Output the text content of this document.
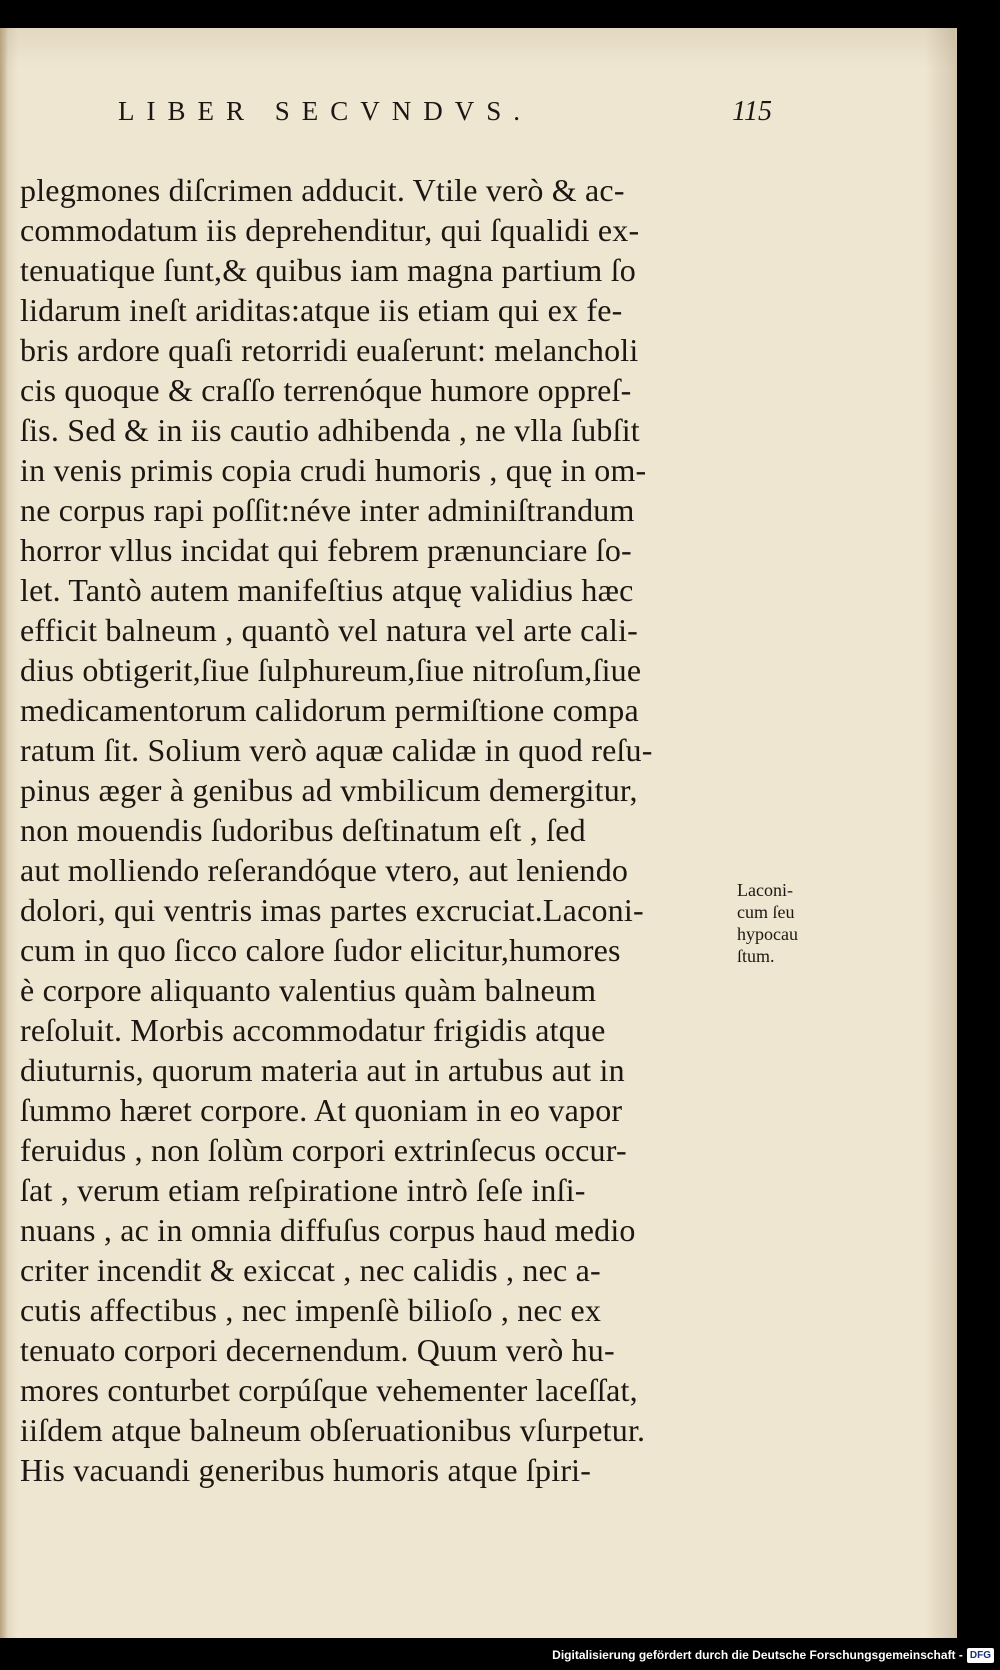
LIBER SECVNDVS.	115
plegmones diſcrimen adducit. Vtile verò & ac-
commodatum iis deprehenditur, qui ſqualidi ex-
tenuatique ſunt,& quibus iam magna partium ſo
lidarum ineſt ariditas:atque iis etiam qui ex fe-
bris ardore quaſi retorridi euaſerunt: melancholi
cis quoque & craſſo terrenóque humore oppreſ-
ſis. Sed & in iis cautio adhibenda , ne vlla ſubſit
in venis primis copia crudi humoris , quę in om-
ne corpus rapi poſſit:néve inter adminiſtrandum
horror vllus incidat qui febrem prænunciare ſo-
let. Tantò autem manifeſtius atquę validius hæc
efficit balneum , quantò vel natura vel arte cali-
dius obtigerit,ſiue ſulphureum,ſiue nitroſum,ſiue
medicamentorum calidorum permiſtione compa
ratum ſit. Solium verò aquæ calidæ in quod reſu-
pinus æger à genibus ad vmbilicum demergitur,
non mouendis ſudoribus deſtinatum eſt , ſed
aut molliendo reſerandóque vtero, aut leniendo
dolori, qui ventris imas partes excruciat.Laconi-
cum in quo ſicco calore ſudor elicitur,humores
è corpore aliquanto valentius quàm balneum
reſoluit. Morbis accommodatur frigidis atque
diuturnis, quorum materia aut in artubus aut in
ſummo hæret corpore. At quoniam in eo vapor
feruidus , non ſolùm corpori extrinſecus occur-
ſat , verum etiam reſpiratione intrò ſeſe inſi-
nuans , ac in omnia diffuſus corpus haud medio
criter incendit & exiccat , nec calidis , nec a-
cutis affectibus , nec impenſè bilioſo , nec ex
tenuato corpori decernendum. Quum verò hu-
mores conturbet corpúſque vehementer laceſſat,
iiſdem atque balneum obſeruationibus vſurpetur.
His vacuandi generibus humoris atque ſpiri-
Laconi-
cum ſeu
hypocau
ſtum.
Digitalisierung gefördert durch die Deutsche Forschungsgemeinschaft - DFG
